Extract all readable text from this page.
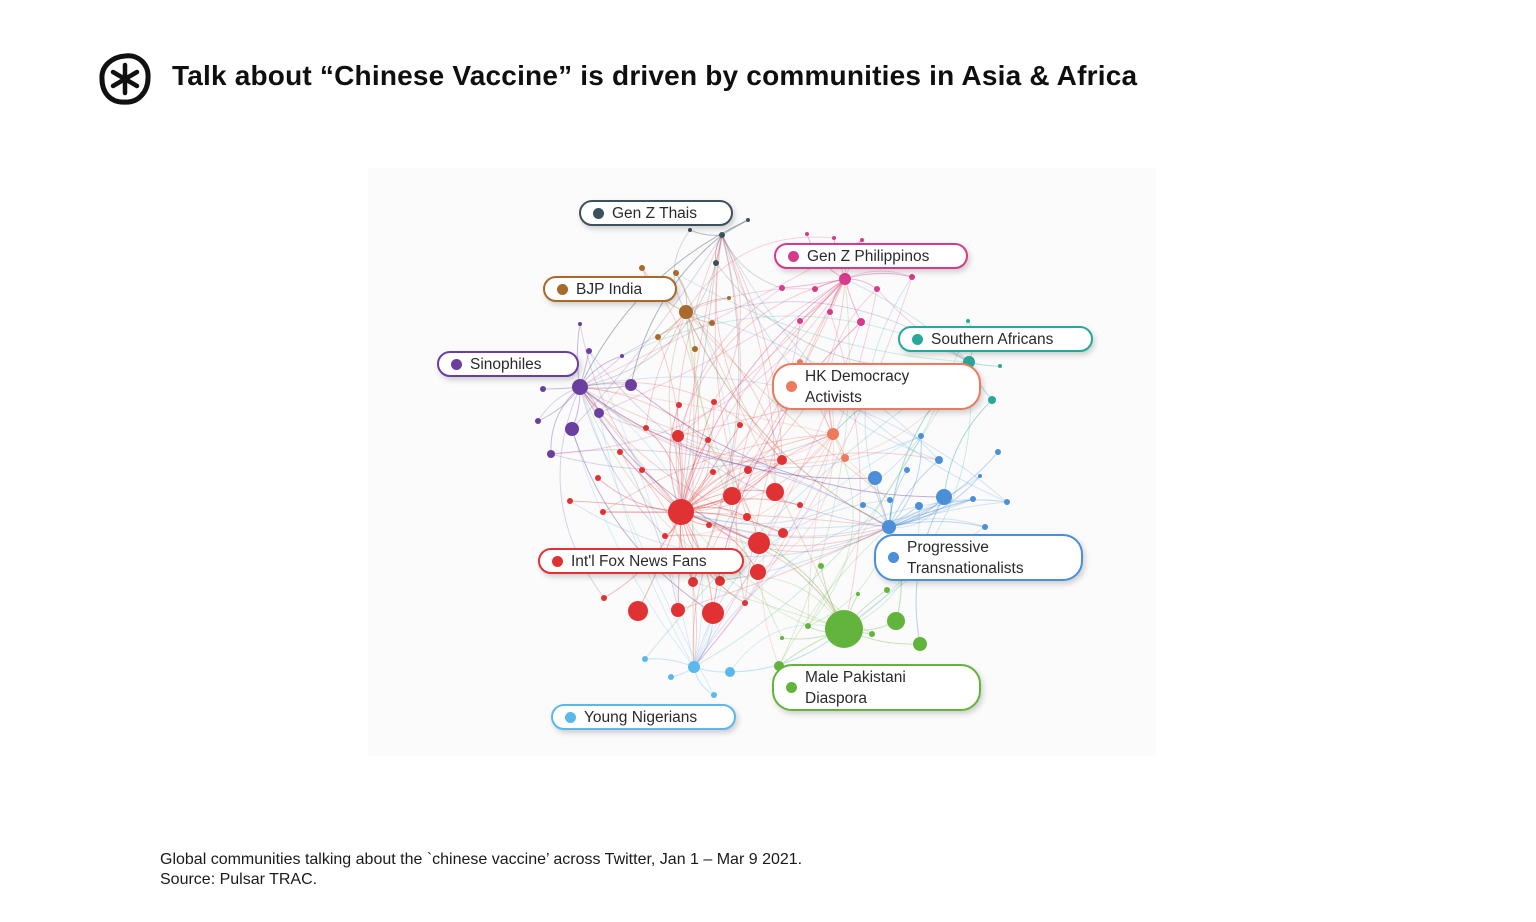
Talk about “Chinese Vaccine” is driven by communities in Asia & Africa
Gen Z Thais
Gen Z Philippinos
BJP India
Southern Africans
Sinophiles
HK Democracy
Activists
Int'l Fox News Fans
Progressive
Transnationalists
Male Pakistani
Diaspora
Young Nigerians
Global communities talking about the `chinese vaccine’ across Twitter, Jan 1 – Mar 9 2021.
Source: Pulsar TRAC.
